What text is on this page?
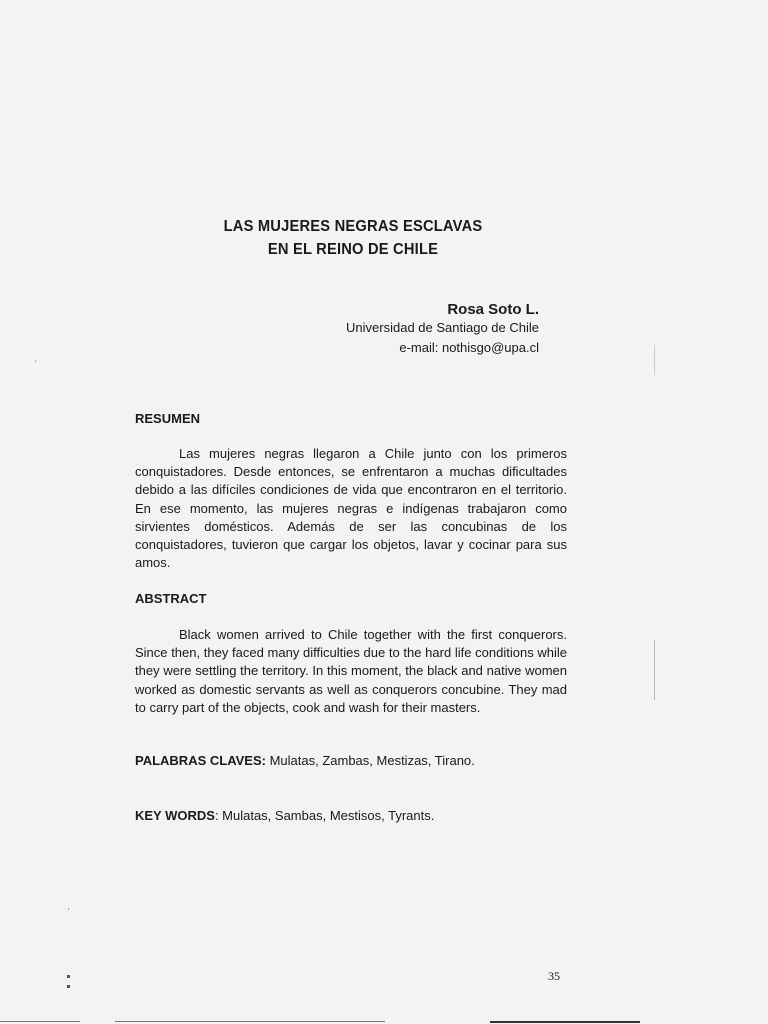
LAS MUJERES NEGRAS ESCLAVAS
EN EL REINO DE CHILE
Rosa Soto L.
Universidad de Santiago de Chile
e-mail: nothisgo@upa.cl
RESUMEN

Las mujeres negras llegaron a Chile junto con los primeros conquistadores. Desde entonces, se enfrentaron a muchas dificultades debido a las difíciles condiciones de vida que encontraron en el territorio. En ese momento, las mujeres negras e indígenas trabajaron como sirvientes domésticos. Además de ser las concubinas de los conquistadores, tuvieron que cargar los objetos, lavar y cocinar para sus amos.

ABSTRACT

Black women arrived to Chile together with the first conquerors. Since then, they faced many difficulties due to the hard life conditions while they were settling the territory. In this moment, the black and native women worked as domestic servants as well as conquerors concubine. They mad to carry part of the objects, cook and wash for their masters.

PALABRAS CLAVES: Mulatas, Zambas, Mestizas, Tirano.
KEY WORDS: Mulatas, Sambas, Mestisos, Tyrants.
35
